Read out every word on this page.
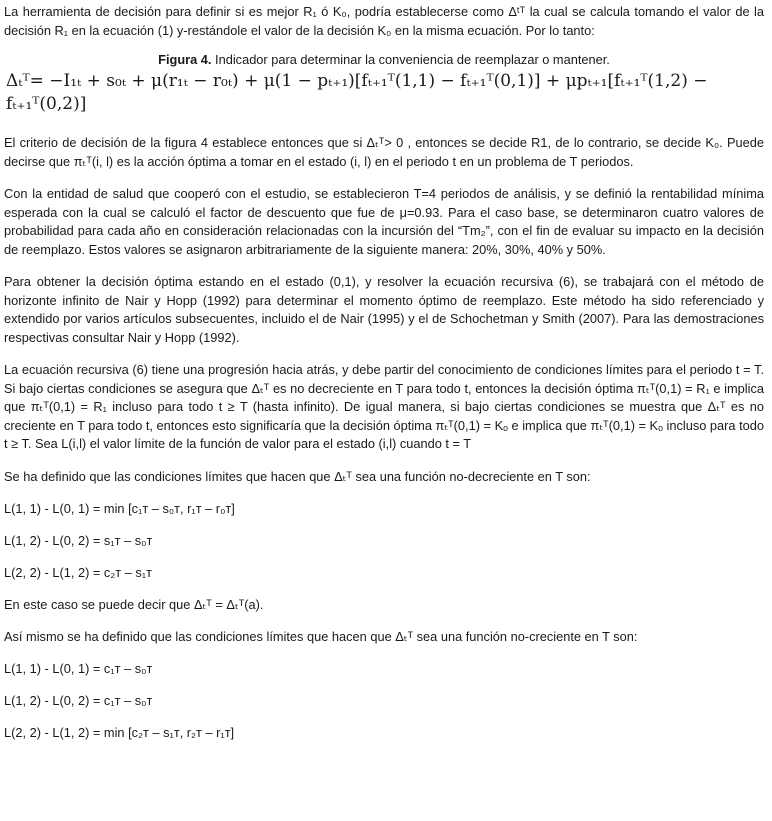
La herramienta de decisión para definir si es mejor R₁ ó K₀, podría establecerse como Δᵗᵀ la cual se calcula tomando el valor de la decisión R₁ en la ecuación (1) y-restándole el valor de la decisión K₀ en la misma ecuación. Por lo tanto:

Figura 4. Indicador para determinar la conveniencia de reemplazar o mantener.
Δₜᵀ= −I₁ₜ + s₀ₜ + μ(r₁ₜ − r₀ₜ) + μ(1 − pₜ₊₁)[fₜ₊₁ᵀ(1,1) − fₜ₊₁ᵀ(0,1)] + μpₜ₊₁[fₜ₊₁ᵀ(1,2) −
fₜ₊₁ᵀ(0,2)]

El criterio de decisión de la figura 4 establece entonces que si Δₜᵀ> 0 , entonces se decide R1, de lo contrario, se decide K₀. Puede decirse que πₜᵀ(i, l) es la acción óptima a tomar en el estado (i, l) en el periodo t en un problema de T periodos.

Con la entidad de salud que cooperó con el estudio, se establecieron T=4 periodos de análisis, y se definió la rentabilidad mínima esperada con la cual se calculó el factor de descuento que fue de μ=0.93. Para el caso base, se determinaron cuatro valores de probabilidad para cada año en consideración relacionadas con la incursión del “Tm₂”, con el fin de evaluar su impacto en la decisión de reemplazo. Estos valores se asignaron arbitrariamente de la siguiente manera: 20%, 30%, 40% y 50%.

Para obtener la decisión óptima estando en el estado (0,1), y resolver la ecuación recursiva (6), se trabajará con el método de horizonte infinito de Nair y Hopp (1992) para determinar el momento óptimo de reemplazo. Este método ha sido referenciado y extendido por varios artículos subsecuentes, incluido el de Nair (1995) y el de Schochetman y Smith (2007). Para las demostraciones respectivas consultar Nair y Hopp (1992).

La ecuación recursiva (6) tiene una progresión hacia atrás, y debe partir del conocimiento de condiciones límites para el periodo t = T. Si bajo ciertas condiciones se asegura que Δₜᵀ es no decreciente en T para todo t, entonces la decisión óptima πₜᵀ(0,1) = R₁ e implica que πₜᵀ(0,1) = R₁ incluso para todo t ≥ T (hasta infinito). De igual manera, si bajo ciertas condiciones se muestra que Δₜᵀ es no creciente en T para todo t, entonces esto significaría que la decisión óptima πₜᵀ(0,1) = Kₒ e implica que πₜᵀ(0,1) = Kₒ incluso para todo t ≥ T. Sea L(i,l) el valor límite de la función de valor para el estado (i,l) cuando t = T

Se ha definido que las condiciones límites que hacen que Δₜᵀ sea una función no-decreciente en T son:

L(1, 1) - L(0, 1) = min [c₁ᴛ – s₀ᴛ, r₁ᴛ – r₀ᴛ]

L(1, 2) - L(0, 2) = s₁ᴛ – s₀ᴛ

L(2, 2) - L(1, 2) = c₂ᴛ – s₁ᴛ

En este caso se puede decir que Δₜᵀ = Δₜᵀ(a).

Así mismo se ha definido que las condiciones límites que hacen que Δₜᵀ sea una función no-creciente en T son:

L(1, 1) - L(0, 1) = c₁ᴛ – s₀ᴛ

L(1, 2) - L(0, 2) = c₁ᴛ – s₀ᴛ

L(2, 2) - L(1, 2) = min [c₂ᴛ – s₁ᴛ, r₂ᴛ – r₁ᴛ]
